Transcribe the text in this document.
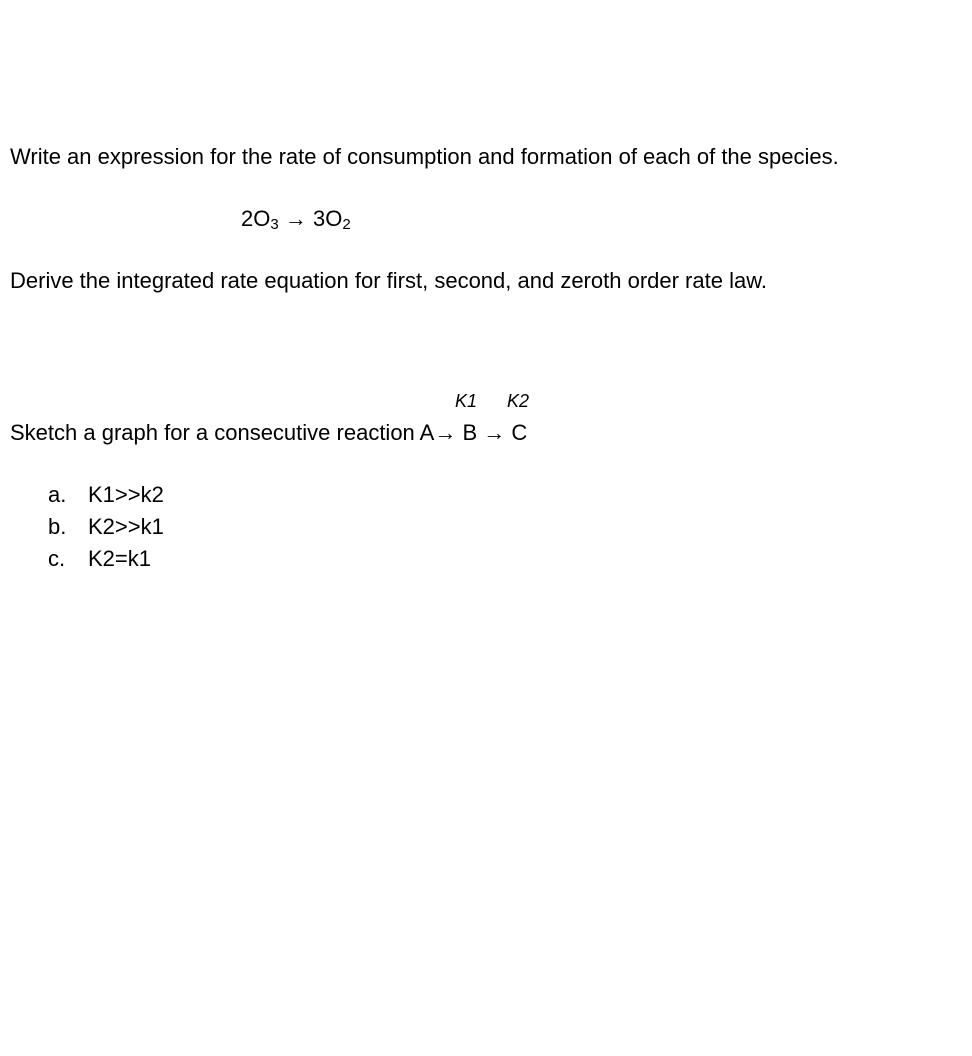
Write an expression for the rate of consumption and formation of each of the species.
$2O_3 \to 3O_2$
Derive the integrated rate equation for first, second, and zeroth order rate law.
K1 K2
Sketch a graph for a consecutive reaction A→ B → C
a. K1>>k2
b. K2>>k1
c. K2=k1
